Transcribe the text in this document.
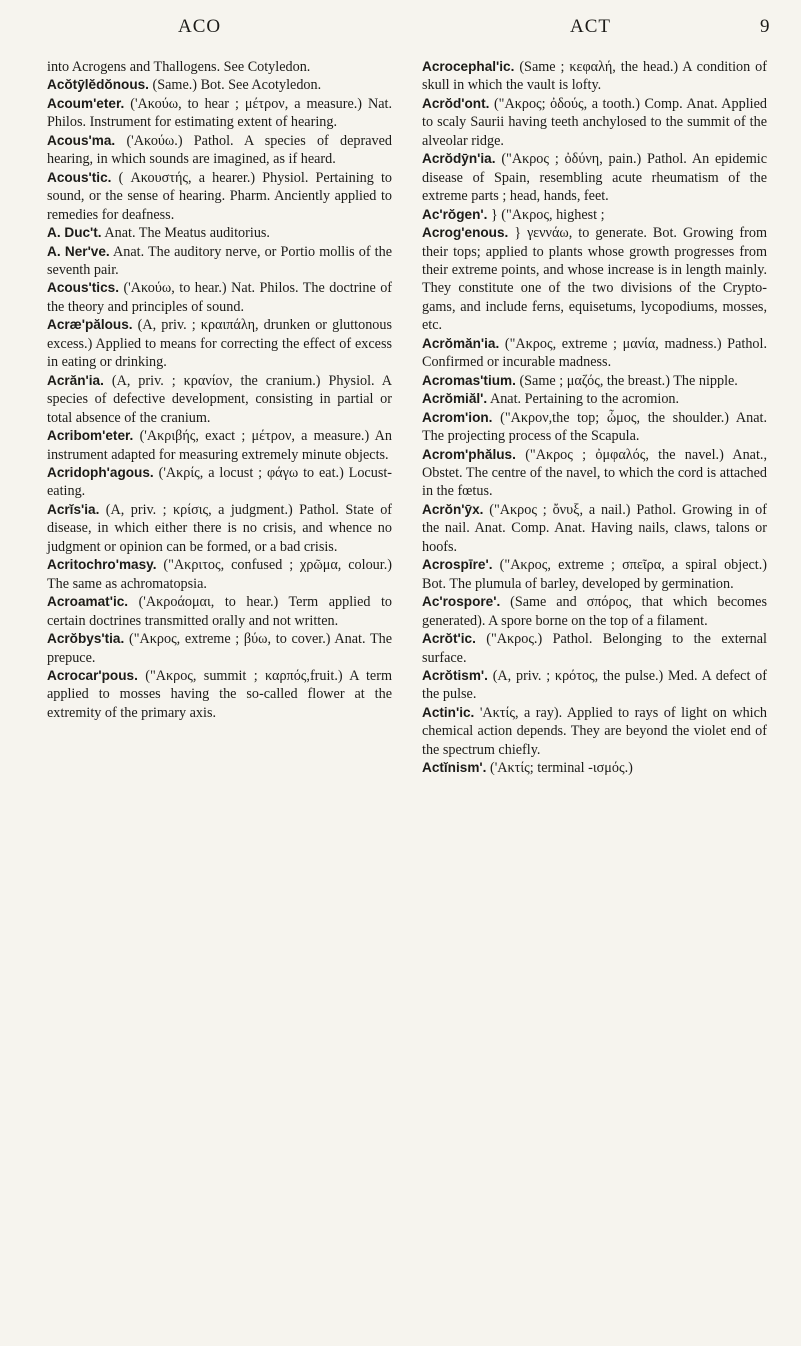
ACO	ACT	9

into Acrogens and Thallogens. See Cotyledon.

Acŏtȳlĕdŏnous. (Same.) Bot. See Acotyledon.

Acoum'eter. ('Ακούω, to hear ; μέτρον, a measure.) Nat. Philos. Instrument for estimating extent of hearing.

Acous'ma. ('Ακούω.) Pathol. A species of depraved hearing, in which sounds are imagined, as if heard.

Acous'tic. ( Ακουστής, a hearer.) Physiol. Pertaining to sound, or the sense of hearing. Pharm. Anciently applied to remedies for deafness.

A. Duc't. Anat. The Meatus auditorius.

A. Ner've. Anat. The auditory nerve, or Portio mollis of the seventh pair.

Acous'tics. ('Ακούω, to hear.) Nat. Philos. The doctrine of the theory and principles of sound.

Acræ'pălous. (A, priv. ; κραιπάλη, drunken or gluttonous excess.) Applied to means for correcting the effect of excess in eating or drinking.

Acrăn'ia. (A, priv. ; κρανίον, the cranium.) Physiol. A species of defective development, consisting in partial or total absence of the cranium.

Acribom'eter. ('Ακριβής, exact ; μέτρον, a measure.) An instrument adapted for measuring extremely minute objects.

Acridoph'agous. ('Ακρίς, a locust ; φάγω to eat.) Locust-eating.

Acrĭs'ia. (A, priv. ; κρίσις, a judgment.) Pathol. State of disease, in which either there is no crisis, and whence no judgment or opinion can be formed, or a bad crisis.

Acritochro'masy. ("Ακριτος, confused ; χρῶμα, colour.) The same as achromatopsia.

Acroamat'ic. ('Ακροάομαι, to hear.) Term applied to certain doctrines transmitted orally and not written.

Acrŏbys'tia. ("Ακρος, extreme ; βύω, to cover.) Anat. The prepuce.

Acrocar'pous. ("Ακρος, summit ; καρπός,fruit.) A term applied to mosses having the so-called flower at the extremity of the primary axis.

Acrocephal'ic. (Same ; κεφαλή, the head.) A condition of skull in which the vault is lofty.

Acrŏd'ont. ("Ακρος; ὀδούς, a tooth.) Comp. Anat. Applied to scaly Saurii having teeth anchylosed to the summit of the alveolar ridge.

Acrŏdȳn'ia. ("Ακρος ; ὀδύνη, pain.) Pathol. An epidemic disease of Spain, resembling acute rheumatism of the extreme parts ; head, hands, feet.

Ac'rŏgen'. } ("Ακρος, highest ;

Acrog'enous. } γεννάω, to generate. Bot. Growing from their tops; applied to plants whose growth progresses from their extreme points, and whose increase is in length mainly. They constitute one of the two divisions of the Crypto-gams, and include ferns, equisetums, lycopodiums, mosses, etc.

Acrŏmăn'ia. ("Ακρος, extreme ; μανία, madness.) Pathol. Confirmed or incurable madness.

Acromas'tium. (Same ; μαζός, the breast.) The nipple.

Acrŏmiăl'. Anat. Pertaining to the acromion.

Acrom'ion. ("Ακρον,the top; ὦμος, the shoulder.) Anat. The projecting process of the Scapula.

Acrom'phălus. ("Ακρος ; ὀμφαλός, the navel.) Anat., Obstet. The centre of the navel, to which the cord is attached in the fœtus.

Acrŏn'ȳx. ("Ακρος ; ὄνυξ, a nail.) Pathol. Growing in of the nail. Anat. Comp. Anat. Having nails, claws, talons or hoofs.

Acrospīre'. ("Ακρος, extreme ; σπεῖρα, a spiral object.) Bot. The plumula of barley, developed by germination.

Ac'rospore'. (Same and σπόρος, that which becomes generated). A spore borne on the top of a filament.

Acrŏt'ic. ("Ακρος.) Pathol. Belonging to the external surface.

Acrŏtism'. (A, priv. ; κρότος, the pulse.) Med. A defect of the pulse.

Actin'ic. 'Ακτίς, a ray). Applied to rays of light on which chemical action depends. They are beyond the violet end of the spectrum chiefly.

Actĭnism'. ('Ακτίς; terminal -ισμός.)
